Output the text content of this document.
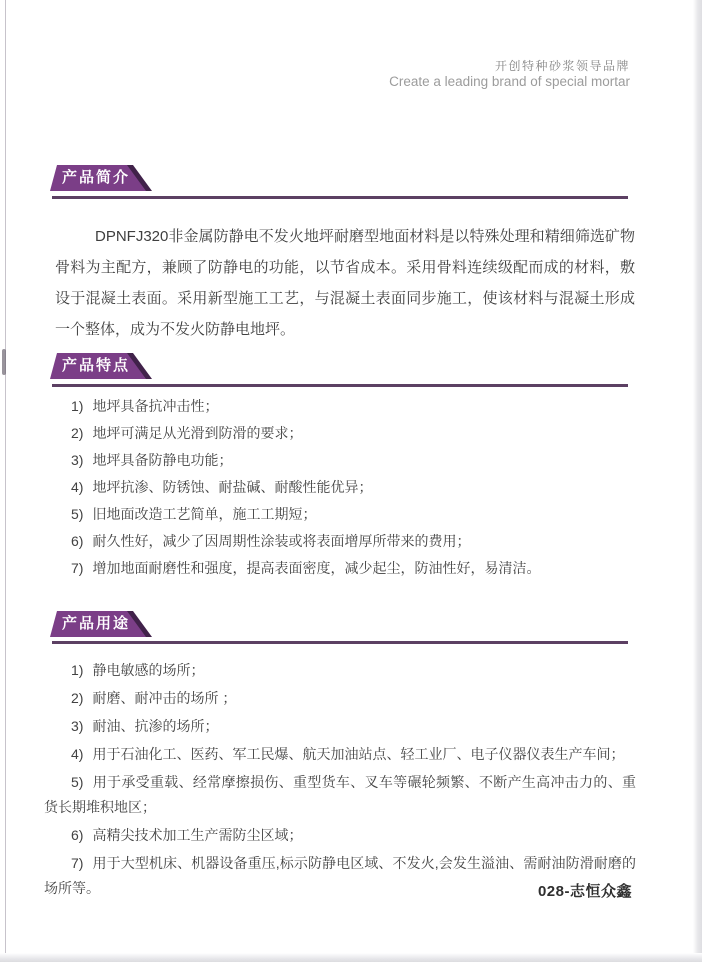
开创特种砂浆领导品牌
Create a leading brand of special mortar
产品简介

DPNFJ320非金属防静电不发火地坪耐磨型地面材料是以特殊处理和精细筛选矿物骨料为主配方，兼顾了防静电的功能，以节省成本。采用骨料连续级配而成的材料，敷设于混凝土表面。采用新型施工工艺，与混凝土表面同步施工，使该材料与混凝土形成一个整体，成为不发火防静电地坪。

产品特点
1) 地坪具备抗冲击性；
2) 地坪可满足从光滑到防滑的要求；
3) 地坪具备防静电功能；
4) 地坪抗渗、防锈蚀、耐盐碱、耐酸性能优异；
5) 旧地面改造工艺简单，施工工期短；
6) 耐久性好，减少了因周期性涂装或将表面增厚所带来的费用；
7) 增加地面耐磨性和强度，提高表面密度，减少起尘，防油性好，易清洁。
产品用途
1) 静电敏感的场所；
2) 耐磨、耐冲击的场所 ；
3) 耐油、抗渗的场所；
4) 用于石油化工、医药、军工民爆、航天加油站点、轻工业厂、电子仪器仪表生产车间；
5) 用于承受重载、经常摩擦损伤、重型货车、叉车等碾轮频繁、不断产生高冲击力的、重货长期堆积地区；
6) 高精尖技术加工生产需防尘区域；
7) 用于大型机床、机器设备重压,标示防静电区域、不发火,会发生溢油、需耐油防滑耐磨的场所等。	028-志恒众鑫
